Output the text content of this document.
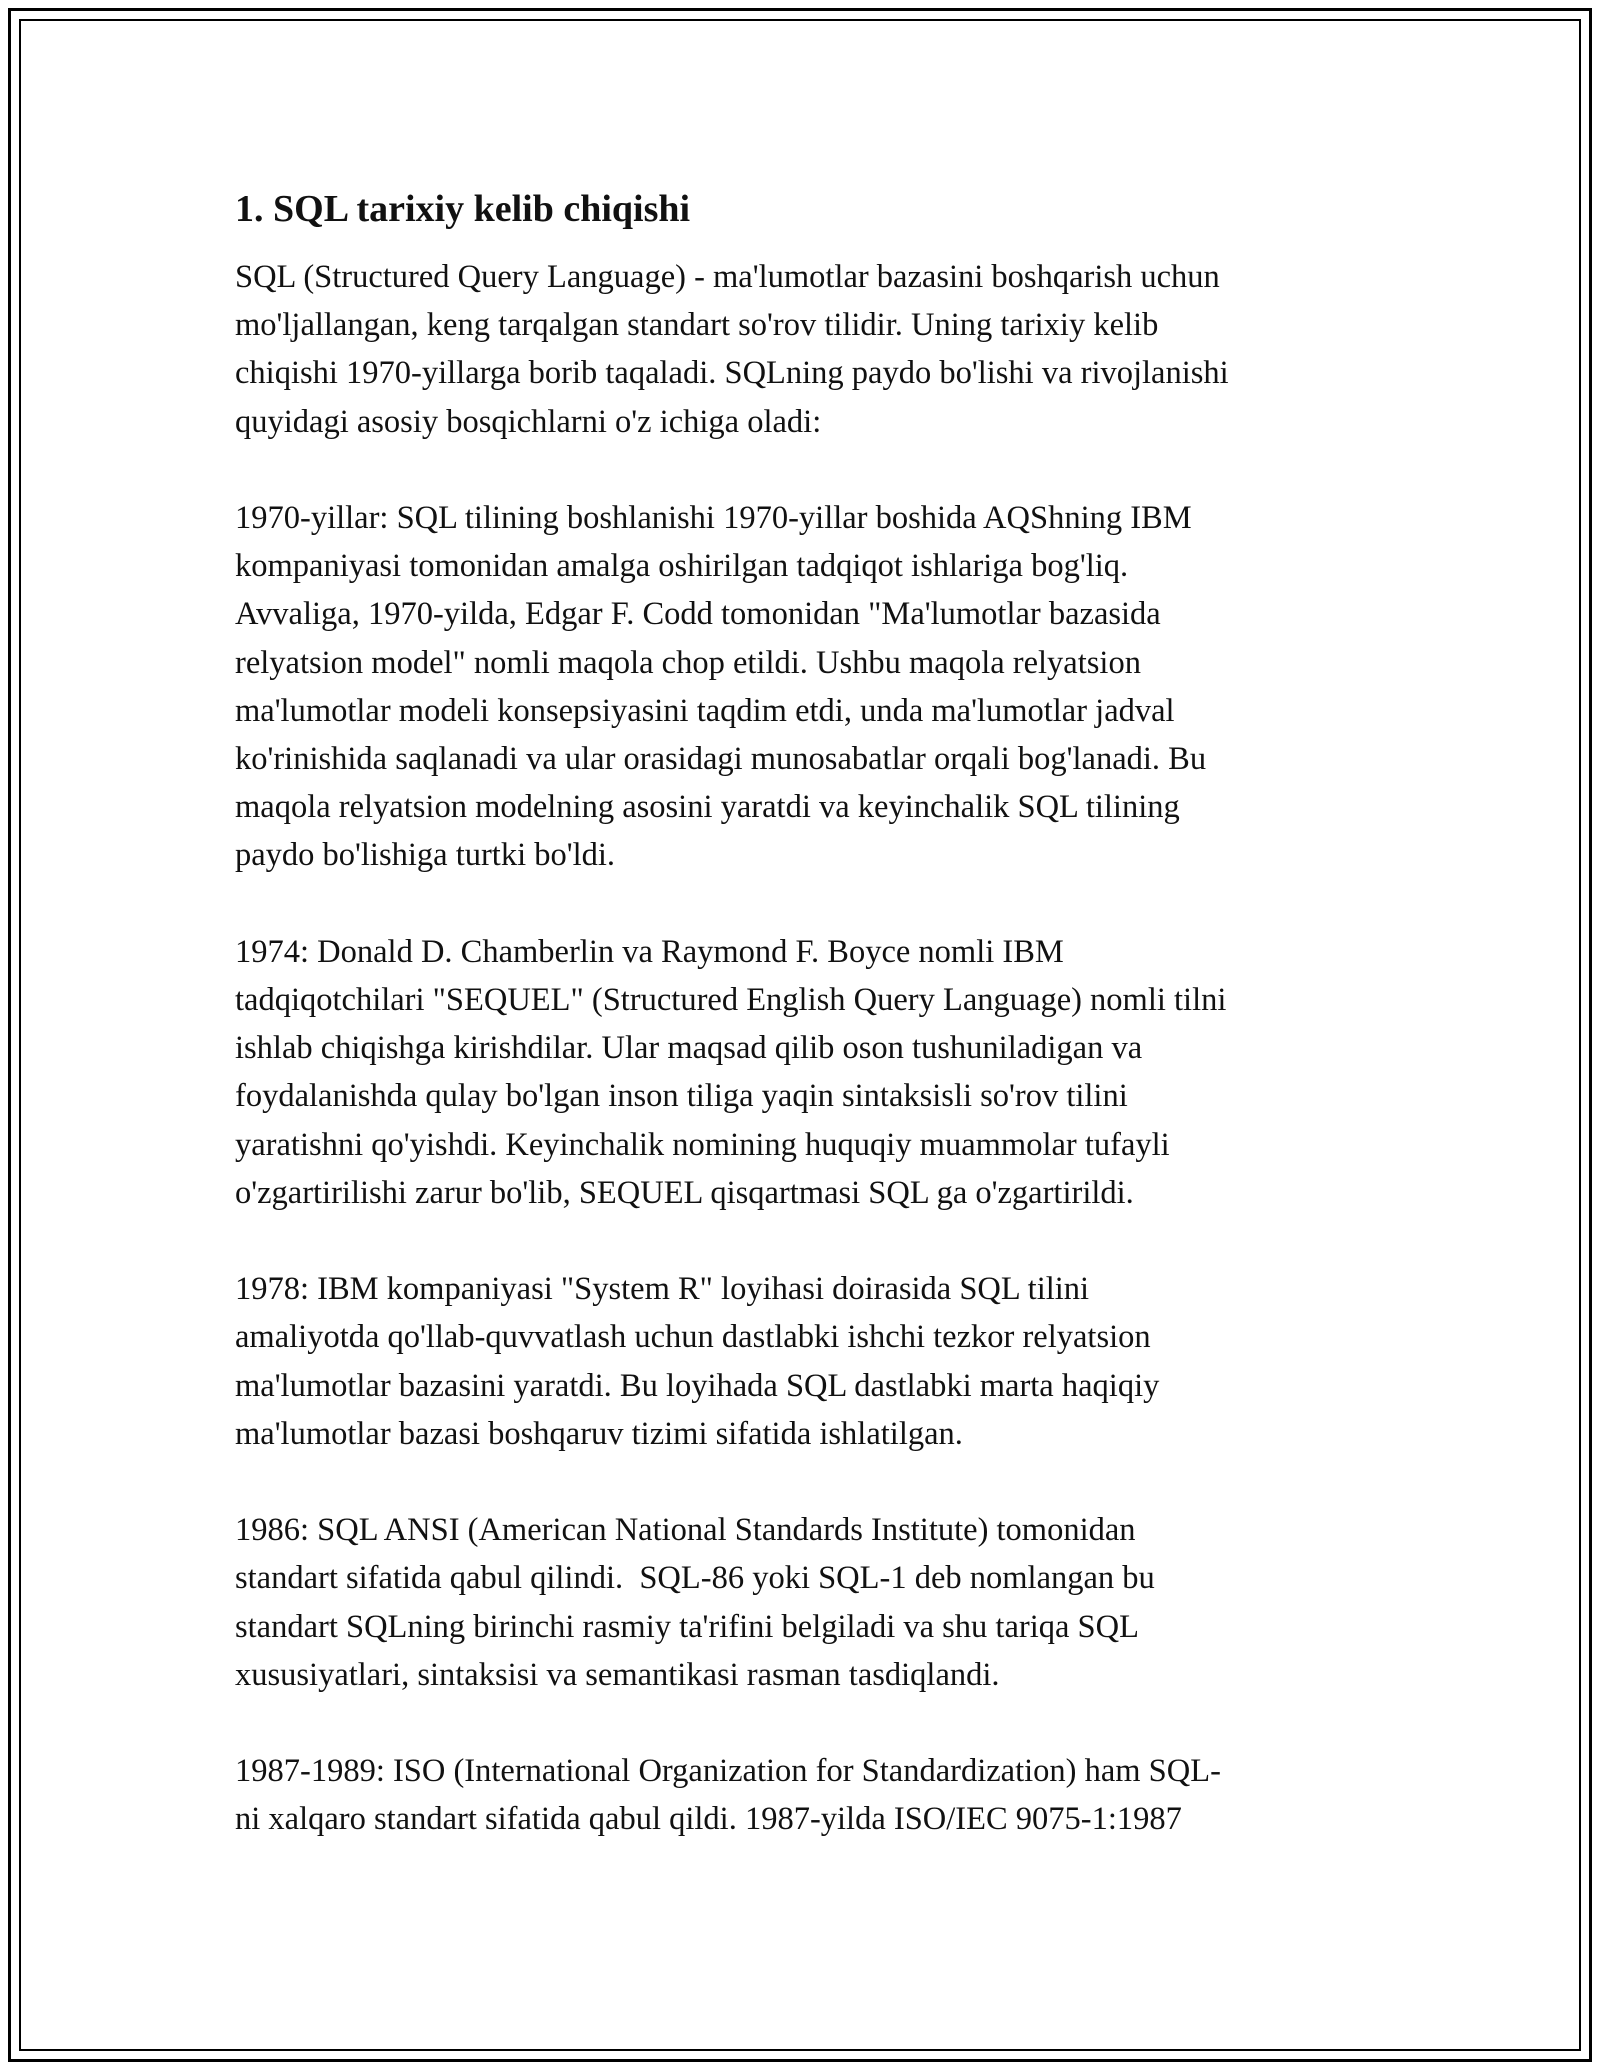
1. SQL tarixiy kelib chiqishi

SQL (Structured Query Language) - ma'lumotlar bazasini boshqarish uchun
mo'ljallangan, keng tarqalgan standart so'rov tilidir. Uning tarixiy kelib
chiqishi 1970-yillarga borib taqaladi. SQLning paydo bo'lishi va rivojlanishi
quyidagi asosiy bosqichlarni o'z ichiga oladi:

1970-yillar: SQL tilining boshlanishi 1970-yillar boshida AQShning IBM
kompaniyasi tomonidan amalga oshirilgan tadqiqot ishlariga bog'liq.
Avvaliga, 1970-yilda, Edgar F. Codd tomonidan "Ma'lumotlar bazasida
relyatsion model" nomli maqola chop etildi. Ushbu maqola relyatsion
ma'lumotlar modeli konsepsiyasini taqdim etdi, unda ma'lumotlar jadval
ko'rinishida saqlanadi va ular orasidagi munosabatlar orqali bog'lanadi. Bu
maqola relyatsion modelning asosini yaratdi va keyinchalik SQL tilining
paydo bo'lishiga turtki bo'ldi.

1974: Donald D. Chamberlin va Raymond F. Boyce nomli IBM
tadqiqotchilari "SEQUEL" (Structured English Query Language) nomli tilni
ishlab chiqishga kirishdilar. Ular maqsad qilib oson tushuniladigan va
foydalanishda qulay bo'lgan inson tiliga yaqin sintaksisli so'rov tilini
yaratishni qo'yishdi. Keyinchalik nomining huquqiy muammolar tufayli
o'zgartirilishi zarur bo'lib, SEQUEL qisqartmasi SQL ga o'zgartirildi.

1978: IBM kompaniyasi "System R" loyihasi doirasida SQL tilini
amaliyotda qo'llab-quvvatlash uchun dastlabki ishchi tezkor relyatsion
ma'lumotlar bazasini yaratdi. Bu loyihada SQL dastlabki marta haqiqiy
ma'lumotlar bazasi boshqaruv tizimi sifatida ishlatilgan.

1986: SQL ANSI (American National Standards Institute) tomonidan
standart sifatida qabul qilindi.  SQL-86 yoki SQL-1 deb nomlangan bu
standart SQLning birinchi rasmiy ta'rifini belgiladi va shu tariqa SQL
xususiyatlari, sintaksisi va semantikasi rasman tasdiqlandi.

1987-1989: ISO (International Organization for Standardization) ham SQL-
ni xalqaro standart sifatida qabul qildi. 1987-yilda ISO/IEC 9075-1:1987
